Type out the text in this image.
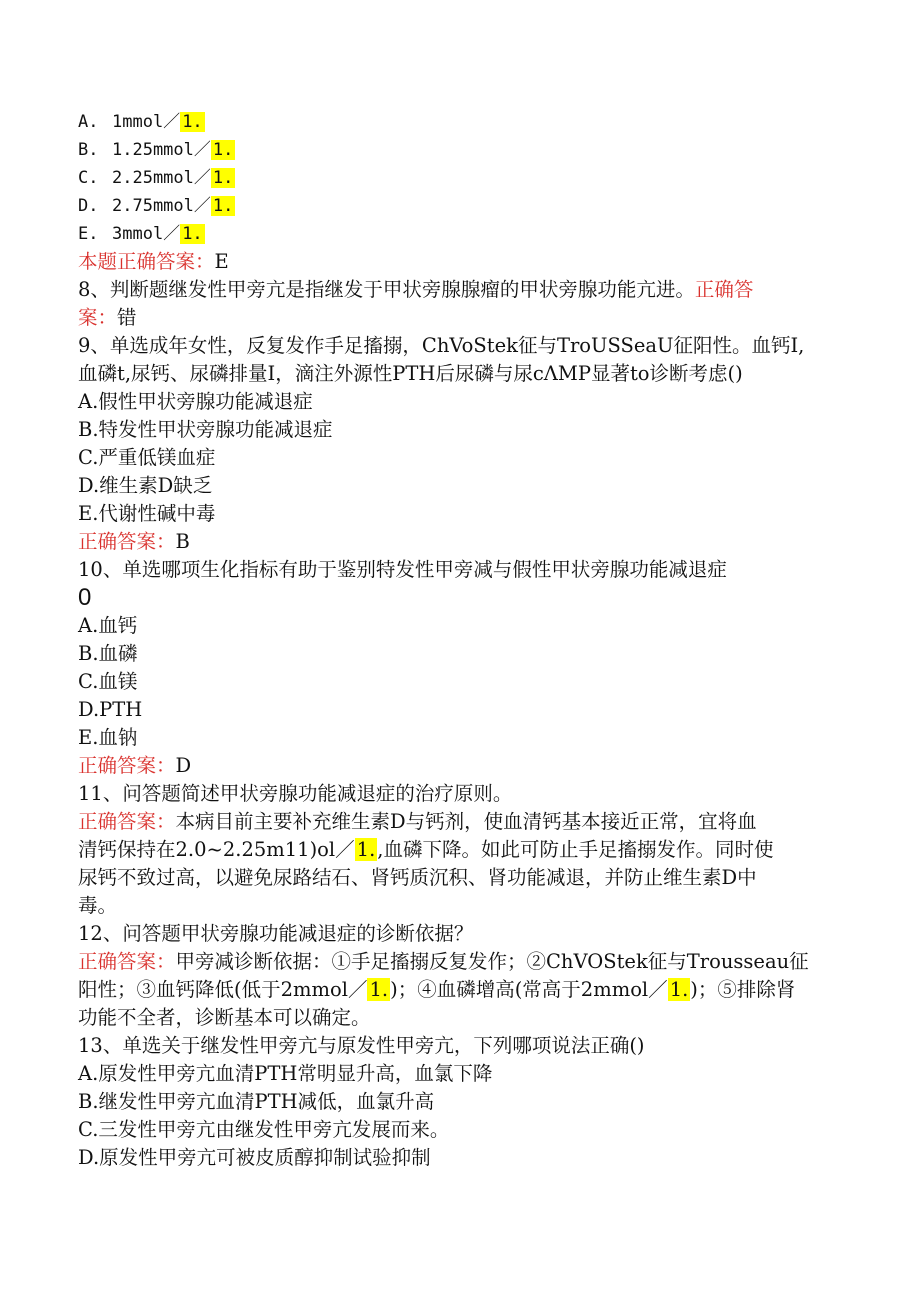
A. 1mmol／ 1.
B. 1.25mmol／ 1.
C. 2.25mmol／ 1.
D. 2.75mmol／ 1.
E. 3mmol／ 1.
本题正确答案：E
8、判断题继发性甲旁亢是指继发于甲状旁腺腺瘤的甲状旁腺功能亢进。正确答
案：错
9、单选成年女性，反复发作手足搐搦，ChVoStek征与TroUSSeaU征阳性。血钙I,
血磷t,尿钙、尿磷排量I，滴注外源性PTH后尿磷与尿cΛMP显著to诊断考虑()
A.假性甲状旁腺功能减退症
B.特发性甲状旁腺功能减退症
C.严重低镁血症
D.维生素D缺乏
E.代谢性碱中毒
正确答案：B
10、单选哪项生化指标有助于鉴别特发性甲旁减与假性甲状旁腺功能减退症
0
A.血钙
B.血磷
C.血镁
D.PTH
E.血钠
正确答案：D
11、问答题简述甲状旁腺功能减退症的治疗原则。
正确答案：本病目前主要补充维生素D与钙剂，使血清钙基本接近正常，宜将血
清钙保持在2.0~2.25m11)ol／ 1. ,血磷下降。如此可防止手足搐搦发作。同时使
尿钙不致过高，以避免尿路结石、肾钙质沉积、肾功能减退，并防止维生素D中
毒。
12、问答题甲状旁腺功能减退症的诊断依据？
正确答案：甲旁减诊断依据：①手足搐搦反复发作；②ChVOStek征与Trousseau征
阳性；③血钙降低(低于2mmol／ 1. )；④血磷增高(常高于2mmol／ 1. )；⑤排除肾
功能不全者，诊断基本可以确定。
13、单选关于继发性甲旁亢与原发性甲旁亢，下列哪项说法正确()
A.原发性甲旁亢血清PTH常明显升高，血氯下降
B.继发性甲旁亢血清PTH减低，血氯升高
C.三发性甲旁亢由继发性甲旁亢发展而来。
D.原发性甲旁亢可被皮质醇抑制试验抑制
